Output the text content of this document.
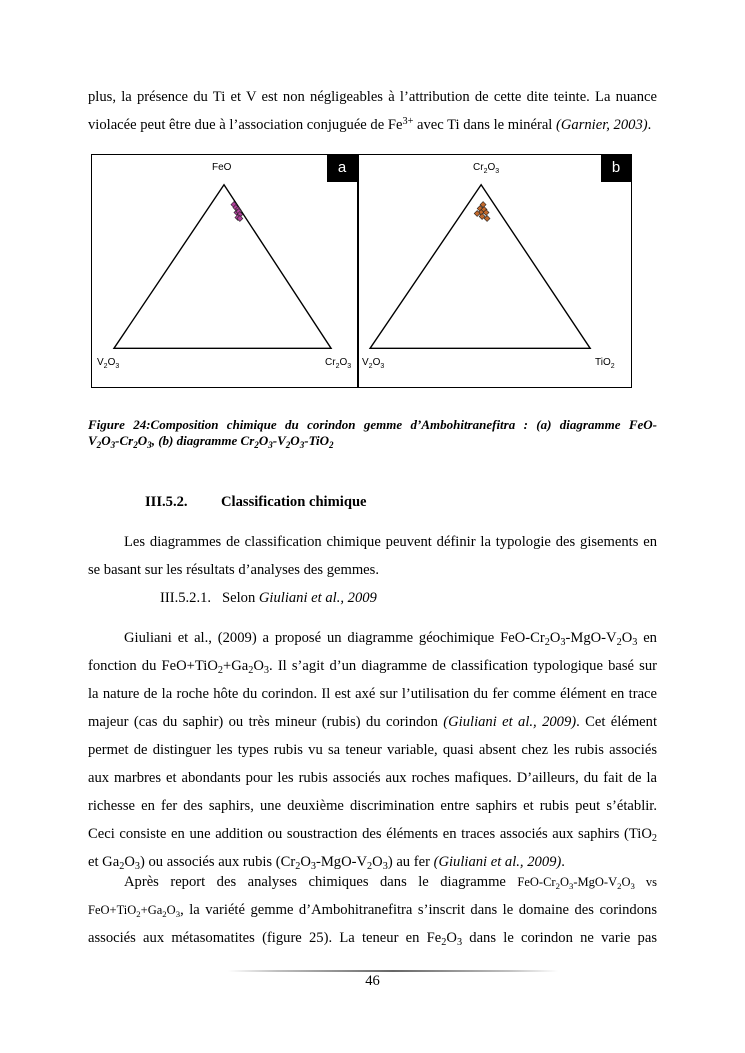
plus, la présence du Ti et V est non négligeables à l’attribution de cette dite teinte. La nuance
violacée peut être due à l’association conjuguée de $Fe^{3+}$ avec Ti dans le minéral (Garnier, 2003).
a
FeO
$V_2O_3$	$Cr_2O_3$
b
$Cr_2O_3$
$V_2O_3$	TiO$_2$
Figure 24:Composition chimique du corindon gemme d’Ambohitranefitra : (a) diagramme FeO-
$V_2O_3-Cr_2O_3$, (b) diagramme $Cr_2O_3-V_2O_3-TiO_2$
III.5.2. Classification chimique
Les diagrammes de classification chimique peuvent définir la typologie des gisements en
se basant sur les résultats d’analyses des gemmes.
III.5.2.1. Selon Giuliani et al., 2009
Giuliani et al., (2009) a proposé un diagramme géochimique FeO-$Cr_2O_3-MgO-V_2O_3$ en
fonction du $FeO+TiO_2+Ga_2O_3$. Il s’agit d’un diagramme de classification typologique basé sur
la nature de la roche hôte du corindon. Il est axé sur l’utilisation du fer comme élément en trace
majeur (cas du saphir) ou très mineur (rubis) du corindon (Giuliani et al., 2009). Cet élément
permet de distinguer les types rubis vu sa teneur variable, quasi absent chez les rubis associés
aux marbres et abondants pour les rubis associés aux roches mafiques. D’ailleurs, du fait de la
richesse en fer des saphirs, une deuxième discrimination entre saphirs et rubis peut s’établir.
Ceci consiste en une addition ou soustraction des éléments en traces associés aux saphirs (TiO$_2$
et $Ga_2O_3$) ou associés aux rubis $(Cr_2O_3-MgO-V_2O_3)$ au fer (Giuliani et al., 2009).
Après report des analyses chimiques dans le diagramme FeO-$Cr_2O_3-MgO-V_2O_3$ vs
$FeO+TiO_2+Ga_2O_3$, la variété gemme d’Ambohitranefitra s’inscrit dans le domaine des corindons
associés aux métasomatites (figure 25). La teneur en $Fe_2O_3$ dans le corindon ne varie pas
46
